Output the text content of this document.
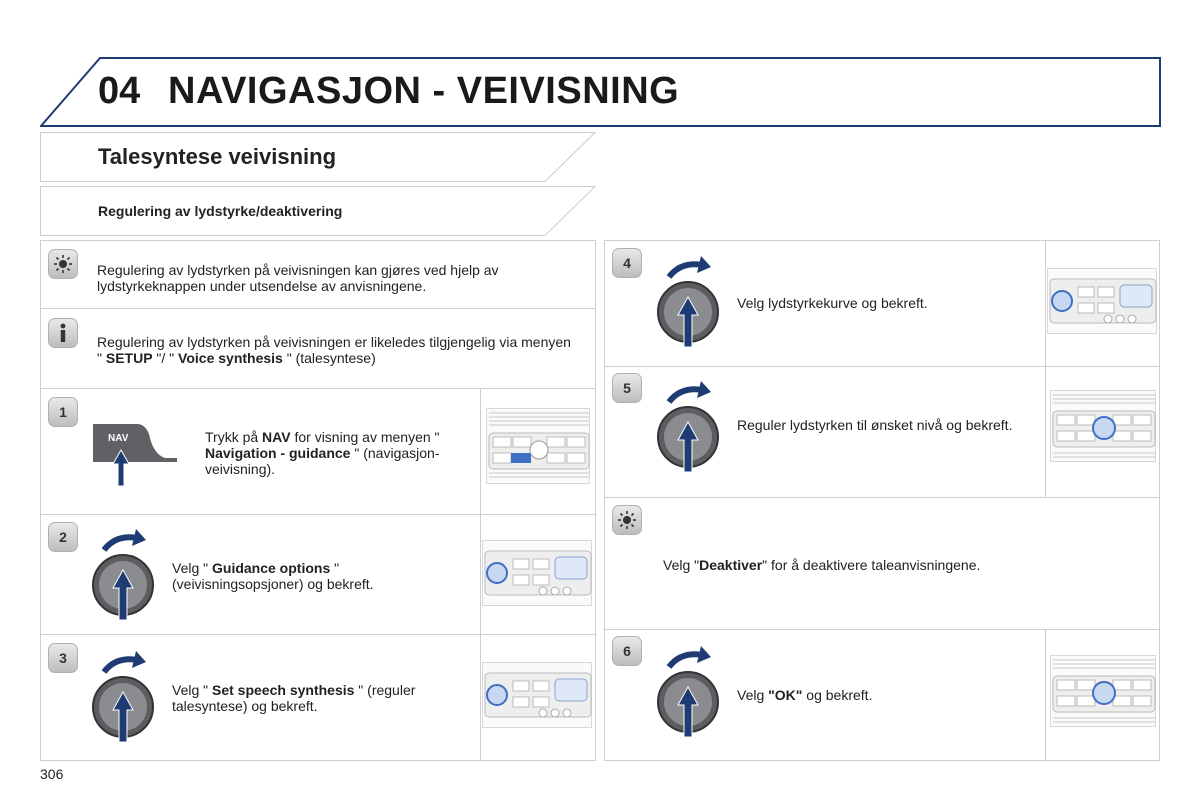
04 NAVIGASJON - VEIVISNING
Talesyntese veivisning
Regulering av lydstyrke/deaktivering
Regulering av lydstyrken på veivisningen kan gjøres ved hjelp av lydstyrkeknappen under utsendelse av anvisningene.
Regulering av lydstyrken på veivisningen er likeledes tilgjengelig via menyen " SETUP "/ " Voice synthesis " (talesyntese)
1
NAV	Trykk på NAV for visning av menyen " Navigation - guidance " (navigasjon-veivisning).
2
Velg " Guidance options " (veivisningsopsjoner) og bekreft.
3
Velg " Set speech synthesis " (reguler talesyntese) og bekreft.
4
Velg lydstyrkekurve og bekreft.
5
Reguler lydstyrken til ønsket nivå og bekreft.
Velg "Deaktiver" for å deaktivere taleanvisningene.
6
Velg "OK" og bekreft.
306
